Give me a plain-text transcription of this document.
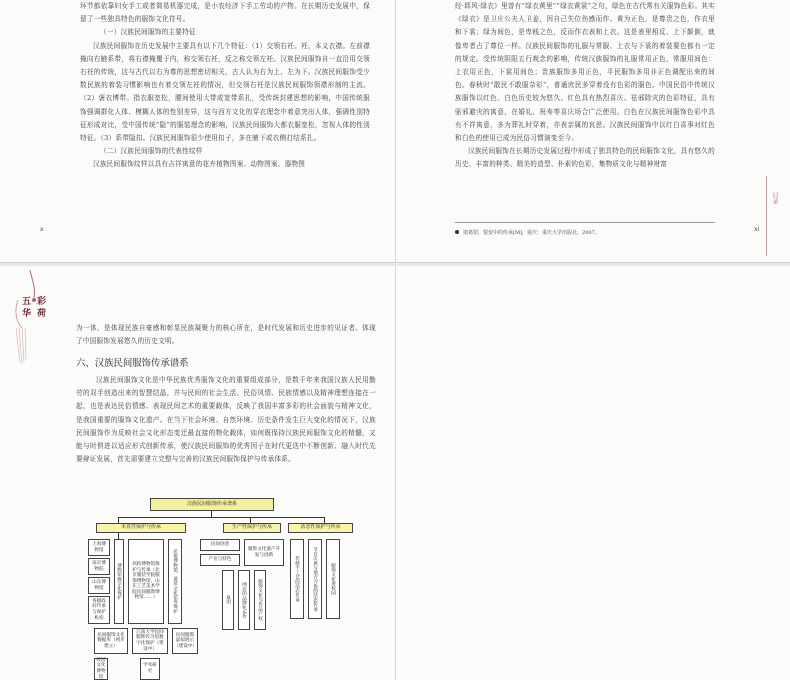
环节都依靠妇女手工或者简易机器完成，是小农经济下手工劳动的产物。在长期历史发展中，保留了一些独具特色的服饰文化符号。

（一）汉族民间服饰的主要特征

汉族民间服饰在历史发展中主要具有以下几个特征：（1）交领右衽。衽，本义衣襟。左前襟掩向右腋系带，将右襟掩覆于内，称交领右衽，反之称交领左衽。汉族民间服饰自一直沿用交领右衽的传统，这与古代以右为尊的思想密切相关，古人认为右为上、左为下。汉族民间服饰受少数民族的着装习惯影响也有着交领左衽的情况，但交领右衽是汉族民间服饰领襟形制的主流。（2）褒衣博带。指衣服宽松，腰间使用大带或宽带系扎，受传统封建思想的影响，中国传统服饰强调群化人体、模糊人体的性别差异，这与西方文化的穿衣理念中着意突出人体，强调性别特征形成对比，受中国传统“隐”的服装理念的影响，汉族民间服饰大都衣服宽松，忽视人体的性别特征。（3）系带隐扣。汉族民间服饰很少使用扣子，多在腋下或衣侧打结系扎。

（二）汉族民间服饰的代表性纹样

汉族民间服饰纹样以具有吉祥寓意的花卉植物图案、动物图案、器物图

x

经·邶风·绿衣》里曾有“绿衣黄里”“绿衣黄裳”之句，绿色在古代常有关服饰色彩。其实《绿衣》是卫庄公夫人卫姜，因自己失位伤感而作。黄为正色，是尊贵之色，作衣里和下裳；绿为间色，是卑贱之色，反而作衣表和上衣。这是表里相反、上下颠倒，就像卑者占了尊位一样。汉族民间服饰的礼服与常服、上衣与下裳的着装要色都有一定的规定。受传统阴阳五行观念的影响，传统汉族服饰的礼服常用正色，常服用间色：上衣用正色，下裳用间色；贵族服饰多用正色，平民服饰多用非正色调配出来的间色。春秋时“散民不敢服杂彩”，普通庶民多穿着没有色彩的服色。中国民俗中传统汉族服饰以红色、白色历史较为悠久。红色具有热烈喜庆、祛邪除灾的色彩特征，具有驱邪避灾的寓意，在婚礼、祝寿等喜庆场合广泛使用。白色在汉族民间服饰色彩中具有不祥寓意，多为葬礼时穿着，亦表亲属的哀思。汉族民间服饰中以红白喜事对红色和白色的使用已成为民俗习惯演变至今。

汉族民间服饰在长期历史发展过程中形成了独具特色的民间服饰文化，具有悠久的历史、丰富的种类、精美的造型、朴素的色彩，集物质文化与精神财富

诸葛铠，裂变中的传承[M]，重庆：重庆大学出版社，2007。	xi
目录
五彩华荷

为一体，是体现民族自豪感和彰显民族凝聚力的核心所在，是时代发展和历史进步的见证者。体现了中国服饰发展悠久的历史文明。

六、汉族民间服饰传承谱系

汉族民间服饰文化是中华民族优秀服饰文化的重要组成部分，是数千年来我国汉族人民用勤劳的双手创造出来的智慧结晶，并与民间的社会生活、民俗风情、民族情感以及精神理想连接在一起，也是表达民俗情感、表现民间艺术的重要载体，反映了我国丰富多彩的社会面貌与精神文化，是我国重要的服饰文化遗产。在当下社会环境、自然环境、历史条件发生巨大变化的情况下，汉族民间服饰作为反映社会文化形态变迁最直接的物化载体，如何既保持汉族民间服饰文化的精髓，又能与时俱进以适应形式创新传承，使汉族民间服饰的优秀因子在时代更迭中不断创新、融入时代先要辩证发展，首先需要建立完整与完善的汉族民间服饰保护与传承体系。

汉族民间服饰传承谱系
本真性保护与传承	生产性保护与传承	活态性保护与传承
上海博物馆
南京博物院
山东博物馆
各级政府传承与保护机构
博物馆数字化保护	高校博物馆保护与传承（北京服装学院服饰博物馆、山东工艺美术学院民间服饰博物馆……）	民俗博物馆、遗址文化馆等保护
民间服饰文化数据库（初步建立）
江南大学民间服饰传习馆数字化保护（建设中）
民间服饰虚拟展示（建设中）
校园文化博物馆
学术研究
民间创意
产业与特色
服饰文化遗产开发与创新
鼠田	网店的品牌化运作	服饰文化与作品产权	传统手工艺的活态传承	节日庆典与地方习俗的活态传承	服饰文化进校园
